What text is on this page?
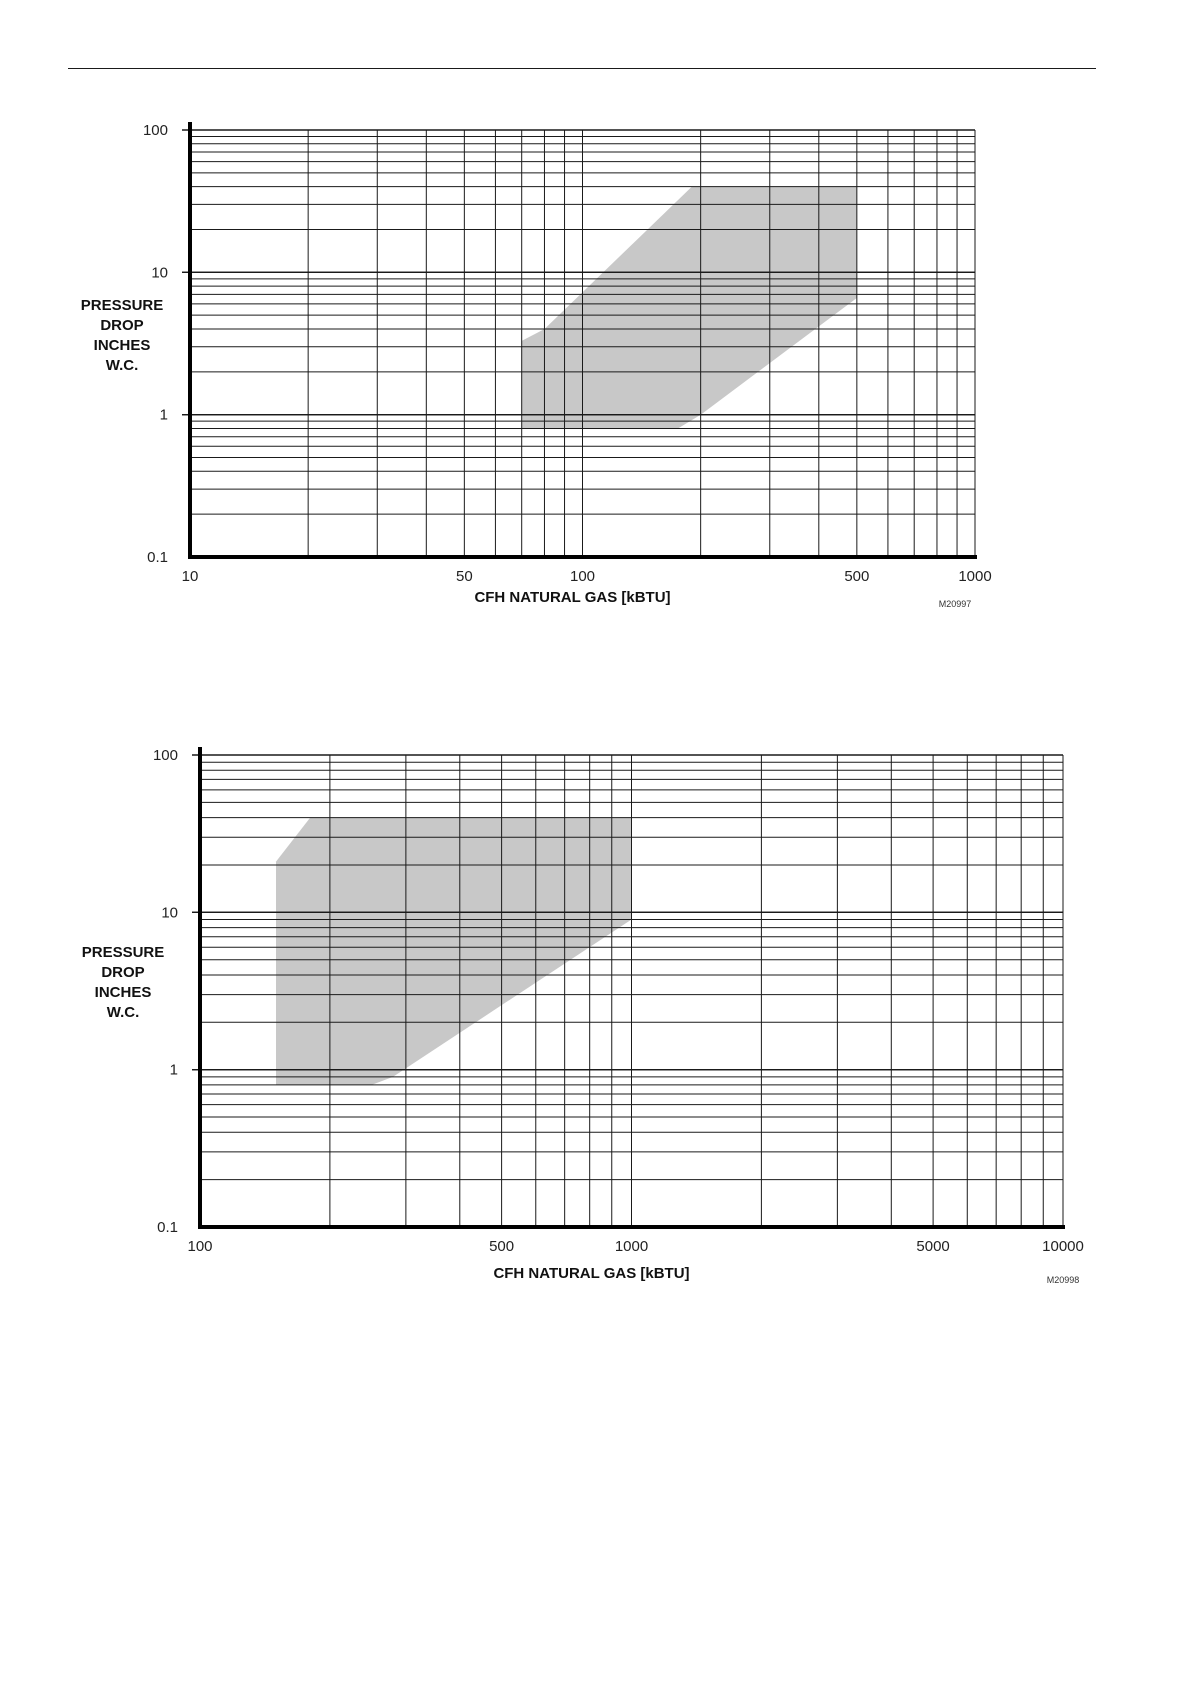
0.1
1
10
100
10	50	100	500	1000
CFH NATURAL GAS [kBTU]
PRESSURE
DROP
INCHES
W.C.
M20997
0.1
1
10
100
100	500	1000	5000	10000
CFH NATURAL GAS [kBTU]
PRESSURE
DROP
INCHES
W.C.
M20998
